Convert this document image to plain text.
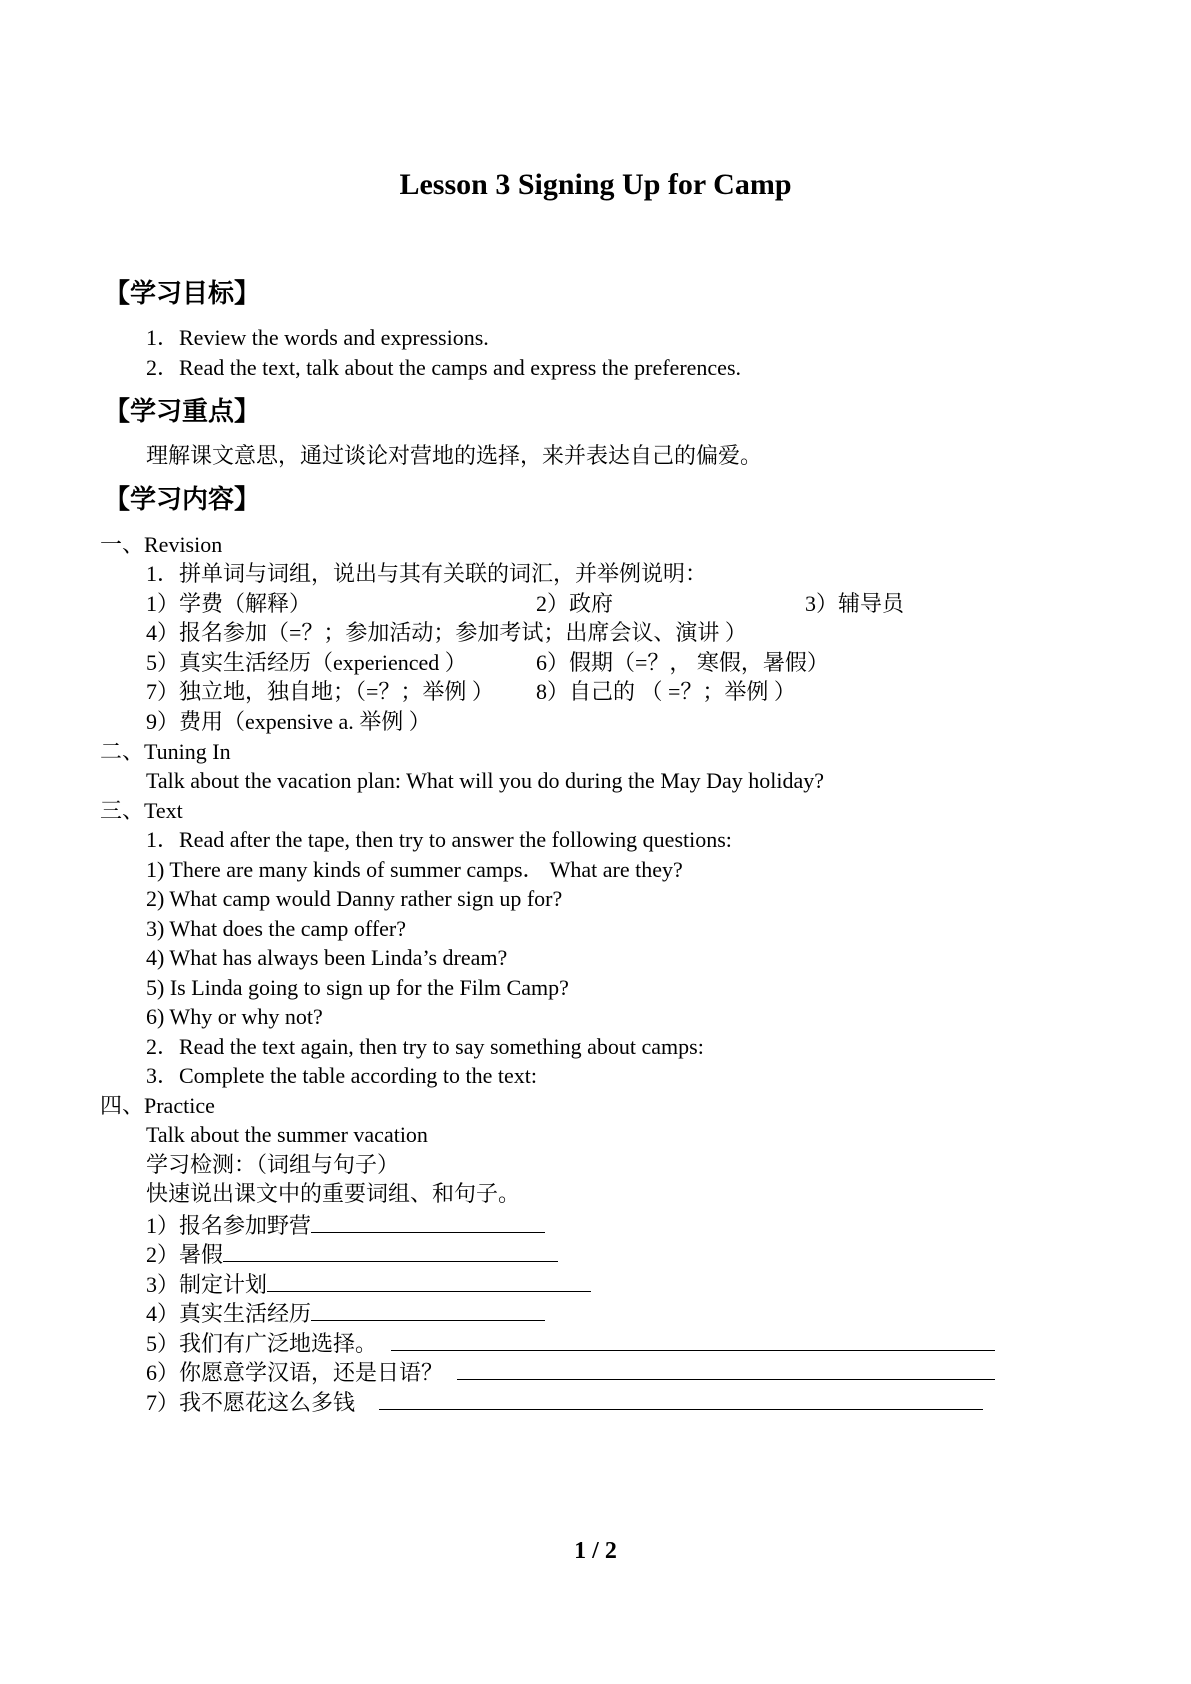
Lesson 3 Signing Up for Camp
【学习目标】
1．Review the words and expressions.
2．Read the text, talk about the camps and express the preferences.
【学习重点】
理解课文意思，通过谈论对营地的选择，来并表达自己的偏爱。
【学习内容】
一、Revision
1．拼单词与词组，说出与其有关联的词汇，并举例说明：
1）学费（解释）	2）政府	3）辅导员
4）报名参加（=？；参加活动；参加考试；出席会议、演讲 ）
5）真实生活经历（experienced ）	6）假期（=？， 寒假，暑假）
7）独立地，独自地；（=？；举例 ） 8）自己的 （ =？；举例 ）
9）费用（expensive a. 举例 ）
二、Tuning In
Talk about the vacation plan: What will you do during the May Day holiday?
三、Text
1．Read after the tape, then try to answer the following questions:
1) There are many kinds of summer camps． What are they?
2) What camp would Danny rather sign up for?
3) What does the camp offer?
4) What has always been Linda’s dream?
5) Is Linda going to sign up for the Film Camp?
6) Why or why not?
2．Read the text again, then try to say something about camps:
3．Complete the table according to the text:
四、Practice
Talk about the summer vacation
学习检测：（词组与句子）
快速说出课文中的重要词组、和句子。
1）报名参加野营
2）暑假
3）制定计划
4）真实生活经历
5）我们有广泛地选择。
6）你愿意学汉语，还是日语？
7）我不愿花这么多钱
1 / 2
